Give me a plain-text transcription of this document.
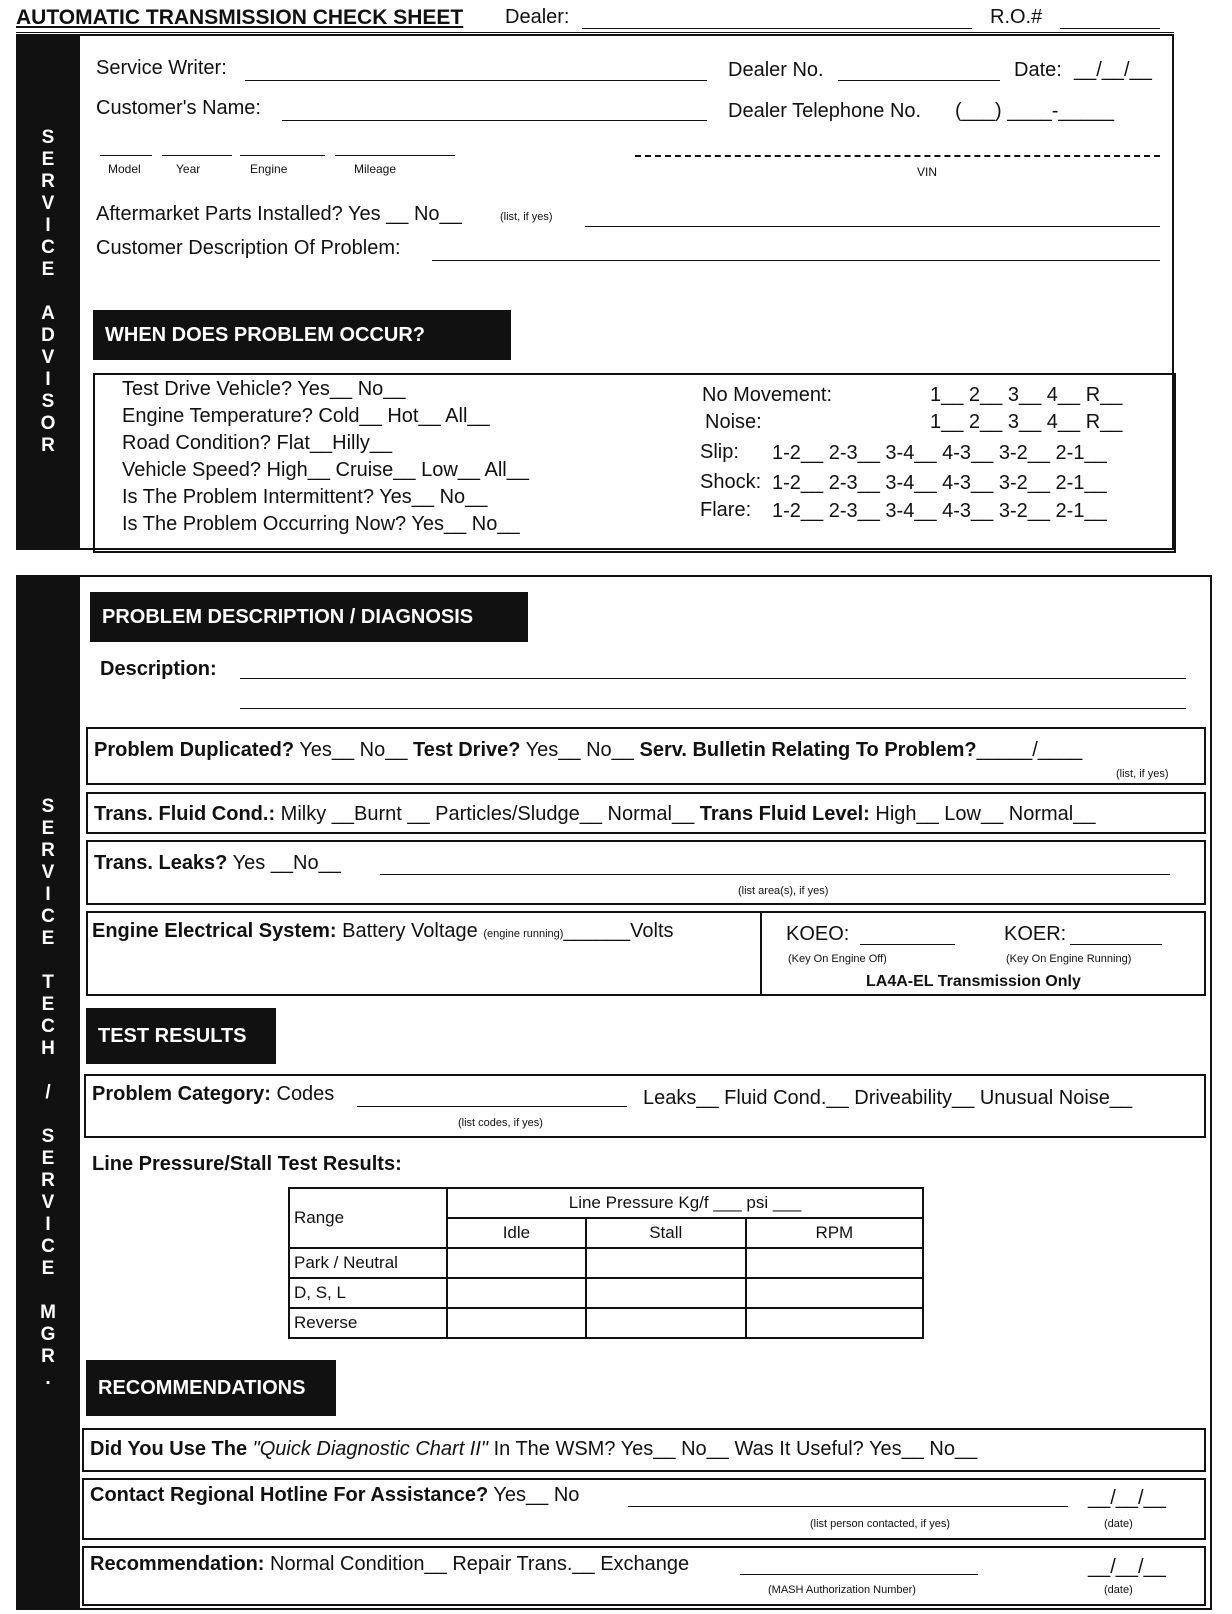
AUTOMATIC TRANSMISSION CHECK SHEET Dealer:	R.O.#
S
E
R
V
I
C
E

A
D
V
I
S
O
R
Service Writer:	Dealer No.	Date: __/__/__
Customer's Name:	Dealer Telephone No. (___) ____-_____
Model	Year	Engine	Mileage	VIN
Aftermarket Parts Installed? Yes __ No__	(list, if yes)
Customer Description Of Problem:
WHEN DOES PROBLEM OCCUR?
Test Drive Vehicle? Yes__ No__
Engine Temperature? Cold__ Hot__ All__
Road Condition? Flat__Hilly__
Vehicle Speed? High__ Cruise__ Low__ All__
Is The Problem Intermittent? Yes__ No__
Is The Problem Occurring Now? Yes__ No__
No Movement:	1__ 2__ 3__ 4__ R__
Noise:	1__ 2__ 3__ 4__ R__
Slip: 1-2__ 2-3__ 3-4__ 4-3__ 3-2__ 2-1__
Shock: 1-2__ 2-3__ 3-4__ 4-3__ 3-2__ 2-1__
Flare: 1-2__ 2-3__ 3-4__ 4-3__ 3-2__ 2-1__
S
E
R
V
I
C
E

T
E
C
H

/

S
E
R
V
I
C
E

M
G
R
.
PROBLEM DESCRIPTION / DIAGNOSIS
Description:
Problem Duplicated? Yes__ No__ Test Drive? Yes__ No__ Serv. Bulletin Relating To Problem?_____/____
(list, if yes)
Trans. Fluid Cond.: Milky __Burnt __ Particles/Sludge__ Normal__ Trans Fluid Level: High__ Low__ Normal__
Trans. Leaks? Yes __No__
(list area(s), if yes)
Engine Electrical System: Battery Voltage (engine running)______Volts	KOEO:
(Key On Engine Off)
KOER:
(Key On Engine Running)
LA4A-EL Transmission Only
TEST RESULTS
Problem Category: Codes	Leaks__ Fluid Cond.__ Driveability__ Unusual Noise__
(list codes, if yes)
Line Pressure/Stall Test Results:
Range	Line Pressure Kg/f ___ psi ___		
	Idle	Stall	RPM
Park / Neutral			
D, S, L			
Reverse			
RECOMMENDATIONS
Did You Use The "Quick Diagnostic Chart II" In The WSM? Yes__ No__ Was It Useful? Yes__ No__
Contact Regional Hotline For Assistance? Yes__ No	__/__/__
(list person contacted, if yes)	(date)
Recommendation: Normal Condition__ Repair Trans.__ Exchange	__/__/__
(MASH Authorization Number)	(date)
